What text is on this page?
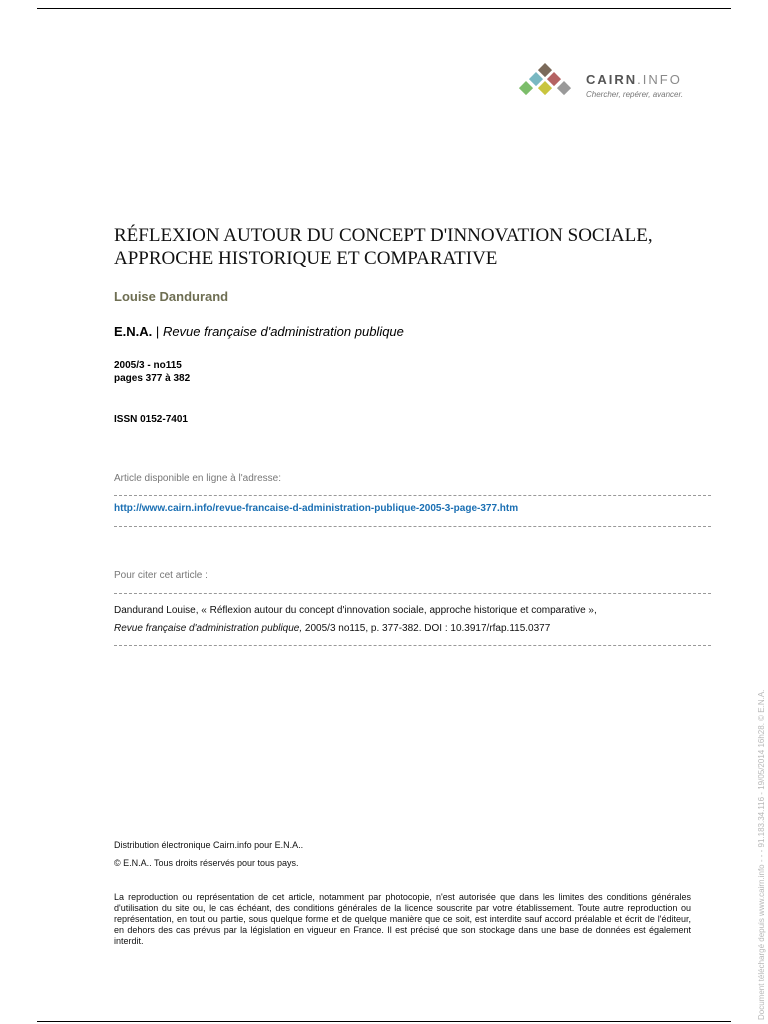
CAIRN.INFO
Chercher, repérer, avancer.
RÉFLEXION AUTOUR DU CONCEPT D'INNOVATION SOCIALE,
APPROCHE HISTORIQUE ET COMPARATIVE
Louise Dandurand
E.N.A. | Revue française d'administration publique
2005/3 - no115
pages 377 à 382
ISSN 0152-7401
Article disponible en ligne à l'adresse:
http://www.cairn.info/revue-francaise-d-administration-publique-2005-3-page-377.htm
Pour citer cet article :
Dandurand Louise, « Réflexion autour du concept d'innovation sociale, approche historique et comparative »,
Revue française d'administration publique, 2005/3 no115, p. 377-382. DOI : 10.3917/rfap.115.0377
Distribution électronique Cairn.info pour E.N.A..
© E.N.A.. Tous droits réservés pour tous pays.
La reproduction ou représentation de cet article, notamment par photocopie, n'est autorisée que dans les limites des conditions générales d'utilisation du site ou, le cas échéant, des conditions générales de la licence souscrite par votre établissement. Toute autre reproduction ou représentation, en tout ou partie, sous quelque forme et de quelque manière que ce soit, est interdite sauf accord préalable et écrit de l'éditeur, en dehors des cas prévus par la législation en vigueur en France. Il est précisé que son stockage dans une base de données est également interdit.	Document téléchargé depuis www.cairn.info - - - 91.183.34.116 - 19/05/2014 16h28. © E.N.A.
